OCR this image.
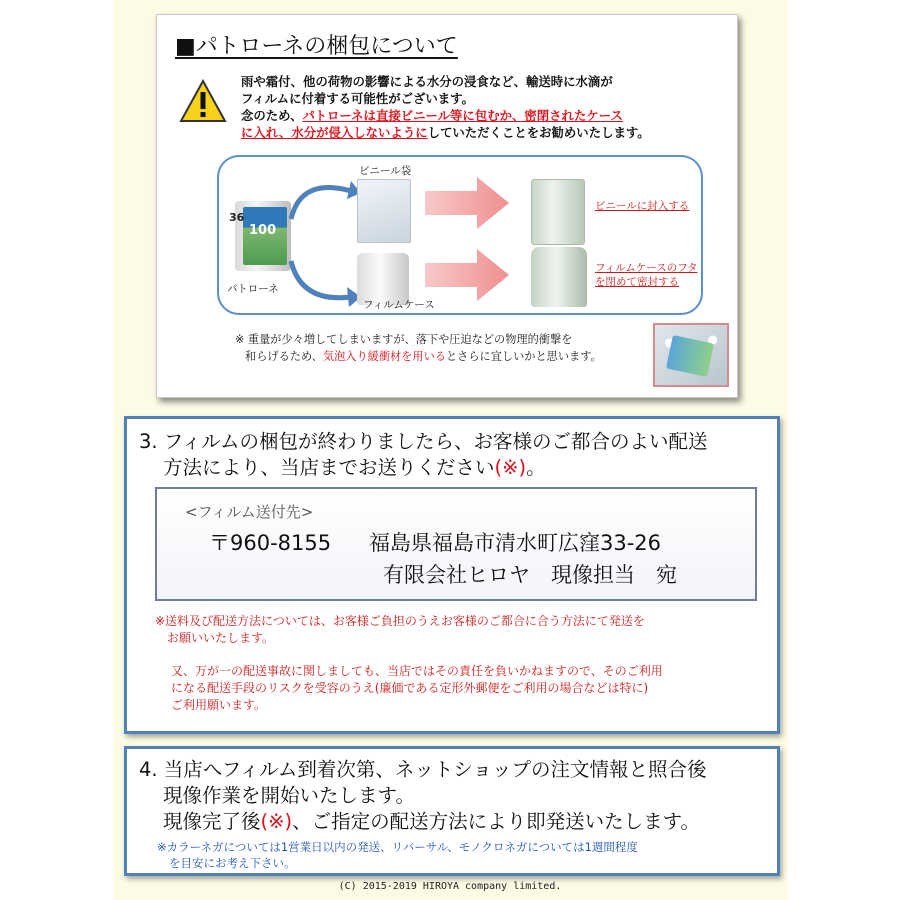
■パトローネの梱包について
雨や霜付、他の荷物の影響による水分の浸食など、輸送時に水滴が
フィルムに付着する可能性がございます。
念のため、パトローネは直接ビニール等に包むか、密閉されたケース
に入れ、水分が侵入しないようにしていただくことをお勧めいたします。
36
100
パトローネ
ビニール袋
フィルムケース
ビニールに封入する
フィルムケースのフタ
を閉めて密封する
※ 重量が少々増してしまいますが、落下や圧迫などの物理的衝撃を
和らげるため、気泡入り緩衝材を用いるとさらに宜しいかと思います。
3. フィルムの梱包が終わりましたら、お客様のご都合のよい配送
方法により、当店までお送りください(※)。
<フィルム送付先>
〒960-8155 福島県福島市清水町広窪33-26
有限会社ヒロヤ　現像担当　宛
※送料及び配送方法については、お客様ご負担のうえお客様のご都合に合う方法にて発送を
お願いいたします。
又、万が一の配送事故に関しましても、当店ではその責任を負いかねますので、そのご利用
になる配送手段のリスクを受容のうえ(廉価である定形外郵便をご利用の場合などは特に)
ご利用願います。
4. 当店へフィルム到着次第、ネットショップの注文情報と照合後
現像作業を開始いたします。
現像完了後(※)、ご指定の配送方法により即発送いたします。
※カラーネガについては1営業日以内の発送、リバーサル、モノクロネガについては1週間程度
を目安にお考え下さい。
(C) 2015-2019 HIROYA company limited.
